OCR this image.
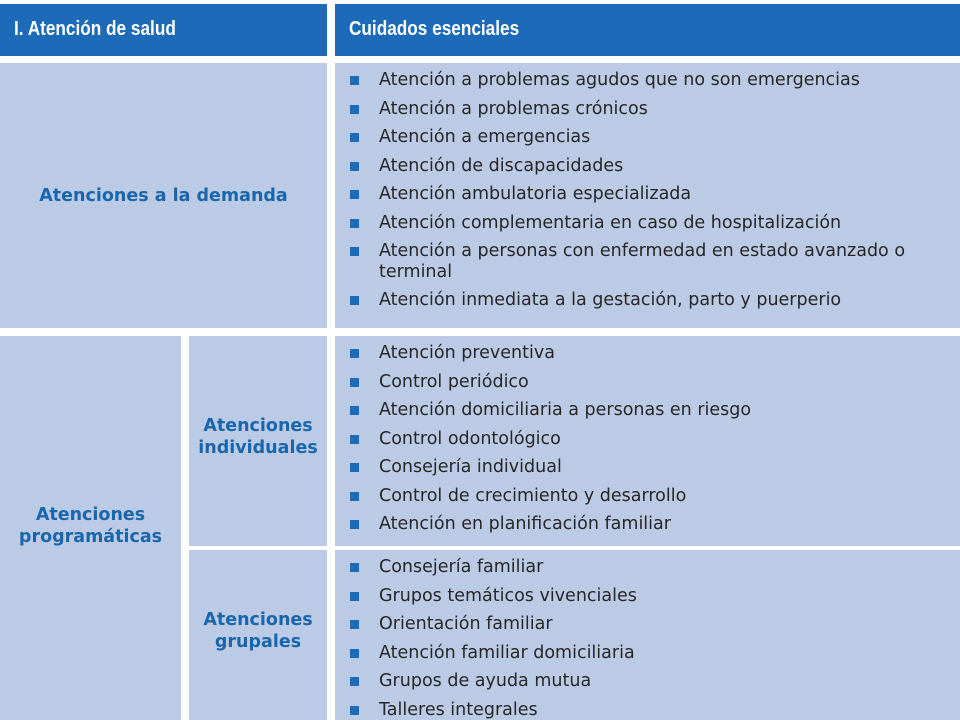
I. Atención de salud	Cuidados esenciales
Atenciones a la demanda
Atención a problemas agudos que no son emergencias
Atención a problemas crónicos
Atención a emergencias
Atención de discapacidades
Atención ambulatoria especializada
Atención complementaria en caso de hospitalización
Atención a personas con enfermedad en estado avanzado o terminal
Atención inmediata a la gestación, parto y puerperio
Atenciones
programáticas
Atenciones
individuales
Atención preventiva
Control periódico
Atención domiciliaria a personas en riesgo
Control odontológico
Consejería individual
Control de crecimiento y desarrollo
Atención en planificación familiar
Atenciones
grupales
Consejería familiar
Grupos temáticos vivenciales
Orientación familiar
Atención familiar domiciliaria
Grupos de ayuda mutua
Talleres integrales
